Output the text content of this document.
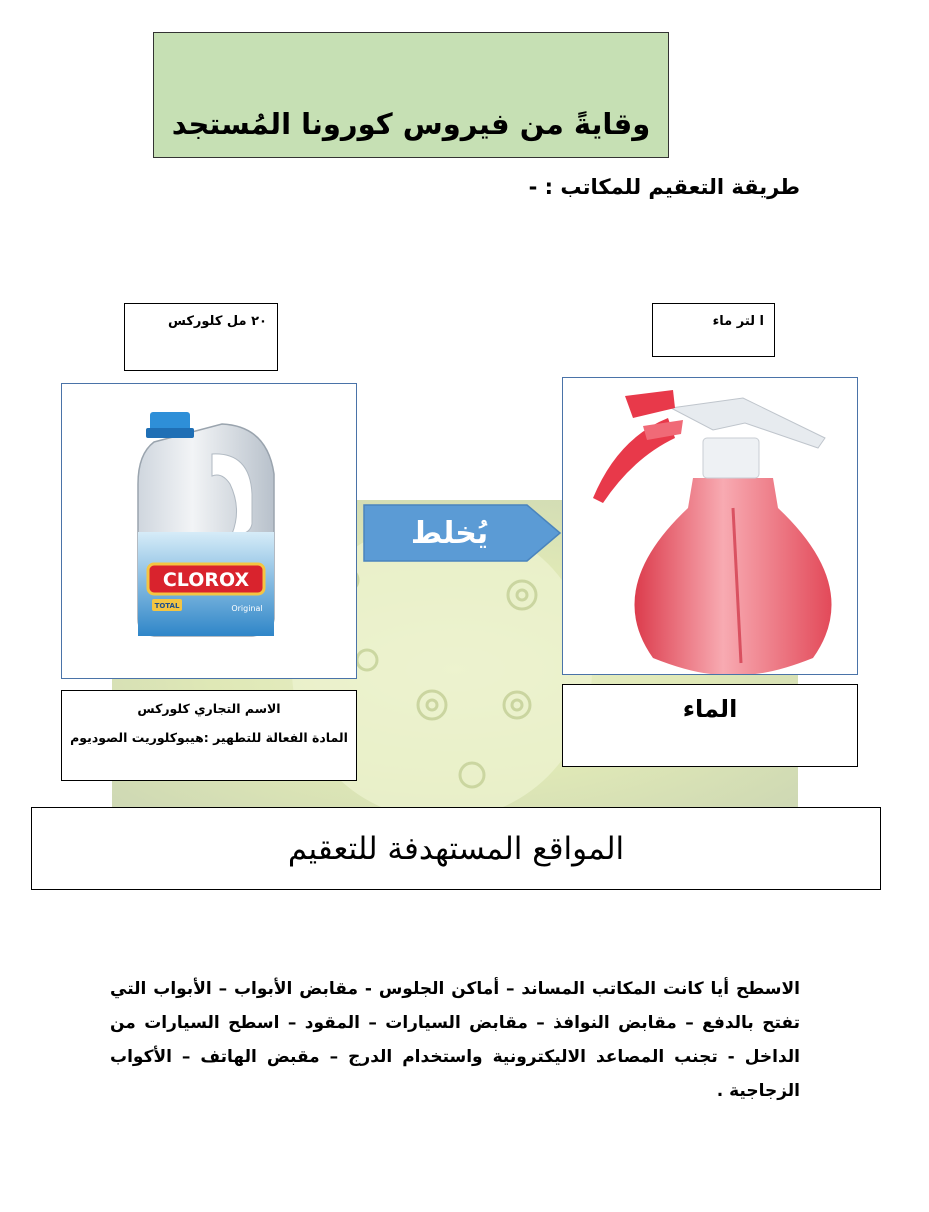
وقايةً من فيروس كورونا المُستجد
طريقة التعقيم للمكاتب : -
٢٠ مل كلوركس	ا لتر ماء
CLOROX
TOTAL	Original
يُخلط
الاسم التجاري كلوركس
المادة الفعالة للتطهير :هيبوكلوريت الصوديوم
الماء
المواقع المستهدفة للتعقيم
الاسطح أيا كانت المكاتب المساند – أماكن الجلوس - مقابض الأبواب – الأبواب التي تفتح بالدفع – مقابض النوافذ – مقابض السيارات – المقود – اسطح السيارات من الداخل - تجنب المصاعد الاليكترونية واستخدام الدرج – مقبض الهاتف – الأكواب الزجاجية .
